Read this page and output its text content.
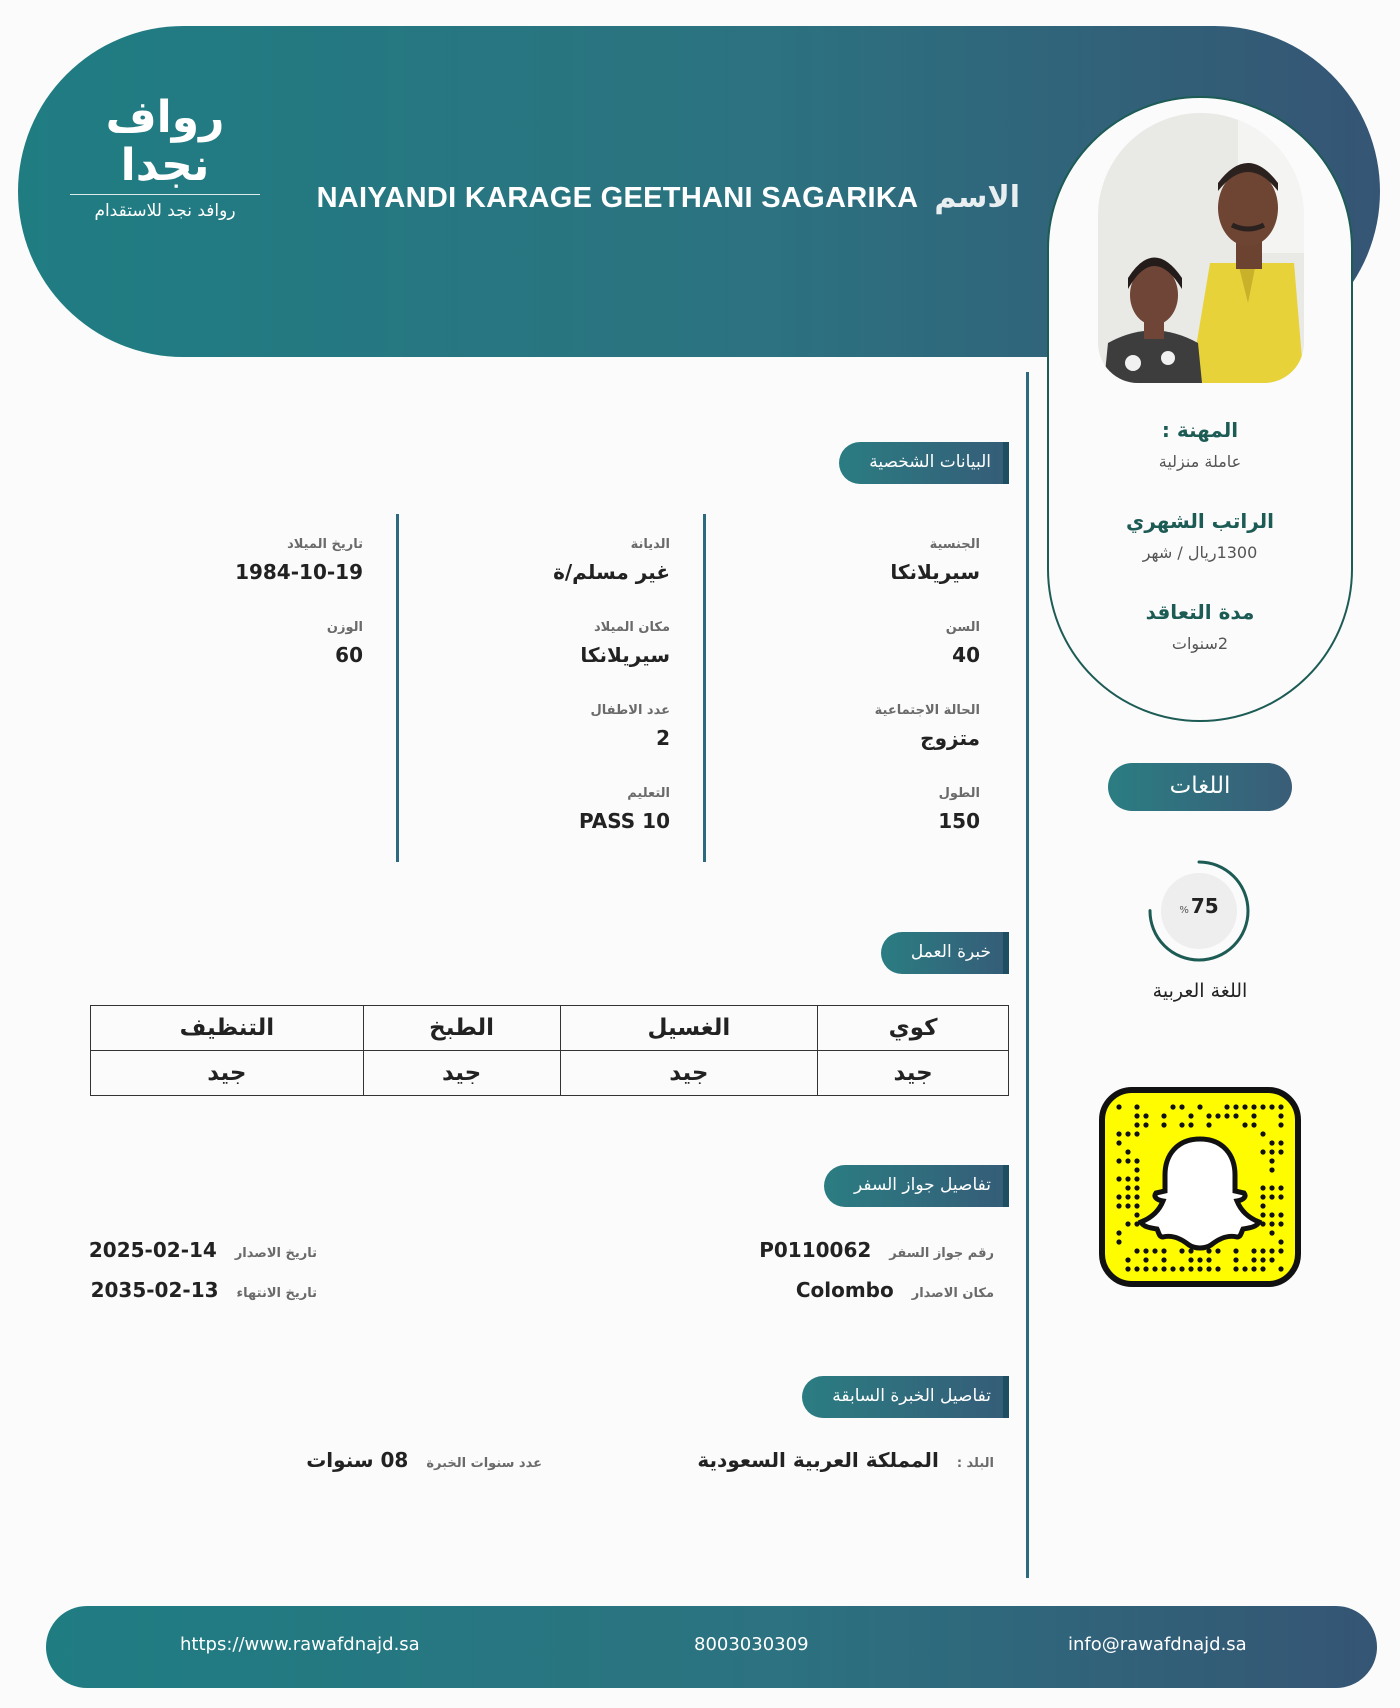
رواف نجدا
روافد نجد للاستقدام	الاسم
NAIYANDI KARAGE GEETHANI SAGARIKA
المهنة :
عاملة منزلية
الراتب الشهري
1300ريال / شهر
مدة التعاقد
2سنوات
اللغات
% 75
اللغة العربية
البيانات الشخصية
الجنسية
سيريلانكا
السن
40
الحالة الاجتماعية
متزوج
الطول
150
الديانة
غير مسلم/ة
مكان الميلاد
سيريلانكا
عدد الاطفال
2
التعليم
PASS 10
تاريخ الميلاد
1984-10-19
الوزن
60
خبرة العمل
كوي	الغسيل	الطبخ	التنظيف
جيد	جيد	جيد	جيد
تفاصيل جواز السفر
رقم جواز السفر
P0110062
مكان الاصدار
Colombo
تاريخ الاصدار
2025-02-14
تاريخ الانتهاء
2035-02-13
تفاصيل الخبرة السابقة
البلد :
المملكة العربية السعودية
عدد سنوات الخبرة
08 سنوات
https://www.rawafdnajd.sa	8003030309	info@rawafdnajd.sa
